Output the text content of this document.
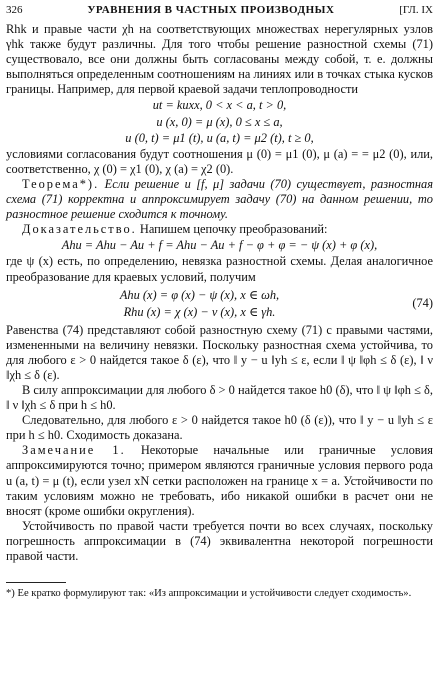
326	УРАВНЕНИЯ В ЧАСТНЫХ ПРОИЗВОДНЫХ	[ГЛ. IX

Rhk и правые части χh на соответствующих множествах нерегулярных узлов γhk также будут различны. Для того чтобы решение разностной схемы (71) существовало, все они должны быть согласованы между собой, т. е. должны выполняться определенным соотношениям на линиях или в точках стыка кусков границы. Например, для первой краевой задачи теплопроводности

ut = kuxx, 0 < x < a, t > 0,
u (x, 0) = μ (x), 0 ≤ x ≤ a,
u (0, t) = μ1 (t), u (a, t) = μ2 (t), t ≥ 0,

условиями согласования будут соотношения μ (0) = μ1 (0), μ (a) = = μ2 (0), или, соответственно, χ (0) = χ1 (0), χ (a) = χ2 (0).

Теорема*). Если решение u [f, μ] задачи (70) существует, разностная схема (71) корректна и аппроксимирует задачу (70) на данном решении, то разностное решение сходится к точному.

Доказательство. Напишем цепочку преобразований:

Ahu = Ahu − Au + f = Ahu − Au + f − φ + φ = − ψ (x) + φ (x),

где ψ (x) есть, по определению, невязка разностной схемы. Делая аналогичное преобразование для краевых условий, получим

Ahu (x) = φ (x) − ψ (x), x ∈ ωh,
Rhu (x) = χ (x) − ν (x), x ∈ γh.
(74)

Равенства (74) представляют собой разностную схему (71) с правыми частями, измененными на величину невязки. Поскольку разностная схема устойчива, то для любого ε > 0 найдется такое δ (ε), что ‖ y − u ‖yh ≤ ε, если ‖ ψ ‖φh ≤ δ (ε), ‖ ν ‖χh ≤ δ (ε).

В силу аппроксимации для любого δ > 0 найдется такое h0 (δ), что ‖ ψ ‖φh ≤ δ, ‖ ν ‖χh ≤ δ при h ≤ h0.

Следовательно, для любого ε > 0 найдется такое h0 (δ (ε)), что ‖ y − u ‖yh ≤ ε при h ≤ h0. Сходимость доказана.

Замечание 1. Некоторые начальные или граничные условия аппроксимируются точно; примером являются граничные условия первого рода u (a, t) = μ (t), если узел xN сетки расположен на границе x = a. Устойчивости по таким условиям можно не требовать, ибо никакой ошибки в расчет они не вносят (кроме ошибки округления).

Устойчивость по правой части требуется почти во всех случаях, поскольку погрешность аппроксимации в (74) эквивалентна некоторой погрешности правой части.

*) Ее кратко формулируют так: «Из аппроксимации и устойчивости следует сходимость».
